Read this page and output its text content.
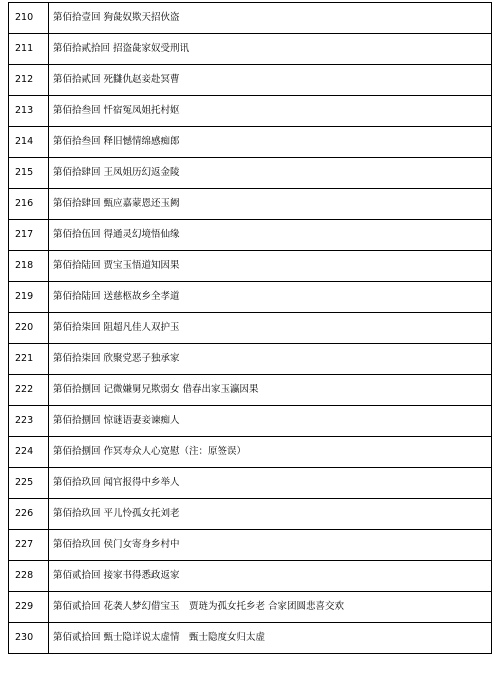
210	第佰拾壹回 狗彘奴欺天招伙盗
211	第佰拾貳拾回 招盗彘家奴受刑讯
212	第佰拾貳回 死讎仇赵妾赴冥曹
213	第佰拾叁回 忏宿冤凤姐托村妪
214	第佰拾叁回 释旧憾情绵感痴郎
215	第佰拾肆回 王凤姐历幻返金陵
216	第佰拾肆回 甄应嘉蒙恩还玉阙
217	第佰拾伍回 得通灵幻境悟仙缘
218	第佰拾陆回 贾宝玉悟道知因果
219	第佰拾陆回 送慈柩故乡全孝道
220	第佰拾柒回 阻超凡佳人双护玉
221	第佰拾柒回 欣聚党恶子独承家
222	第佰拾捌回 记微嫌舅兄欺弱女 借春出家玉瀛因果
223	第佰拾捌回 惊谜语妻妾谏痴人
224	第佰拾捌回 作冥寿众人心宽慰（注：原签误）
225	第佰拾玖回 闻官报得中乡举人
226	第佰拾玖回 平儿怜孤女托刘老
227	第佰拾玖回 侯门女寄身乡村中
228	第佰贰拾回 接家书得悉政返家
229	第佰贰拾回 花袭人梦幻借宝玉　贾琏为孤女托乡老 合家团圆悲喜交欢
230	第佰贰拾回 甄士隐详说太虚情　甄士隐度女归太虚
